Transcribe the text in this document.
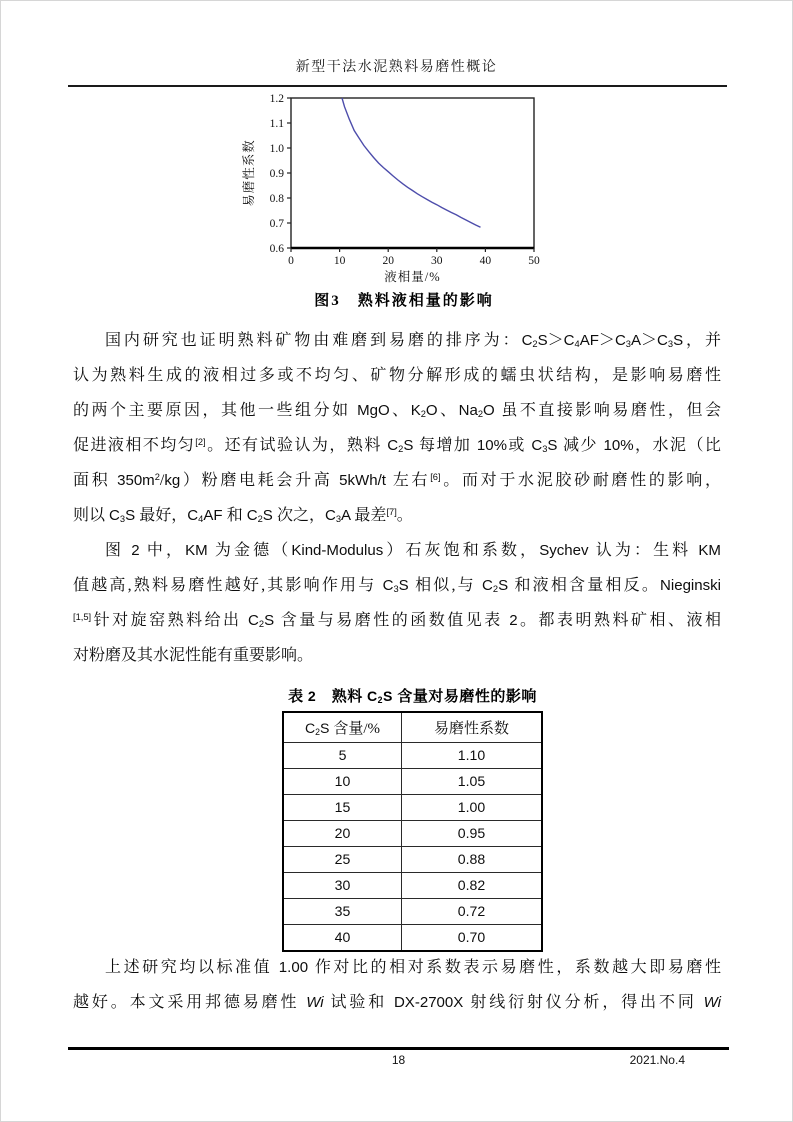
新型干法水泥熟料易磨性概论
0	10	20	30	40	50
0.6
0.7
0.8
0.9
1.0
1.1
1.2
液相量/%
易磨性系数
图3　熟料液相量的影响
国内研究也证明熟料矿物由难磨到易磨的排序为：$C_2S>C_4AF>C_3A>C_3S$，并
认为熟料生成的液相过多或不均匀、矿物分解形成的蠕虫状结构，是影响易磨性
的两个主要原因，其他一些组分如 MgO、$K_2O$、$Na_2O$ 虽不直接影响易磨性，但会
促进液相不均匀[2]。还有试验认为，熟料 $C_2S$ 每增加 10%或 $C_3S$ 减少 10%，水泥（比
面积 $350m^2/kg$）粉磨电耗会升高 5kWh/t 左右[6]。而对于水泥胶砂耐磨性的影响，
则以 $C_3S$ 最好，$C_4AF$ 和 $C_2S$ 次之，$C_3A$ 最差[7]。
图 2 中，KM 为金德（Kind-Modulus）石灰饱和系数，Sychev 认为：生料 KM
值越高,熟料易磨性越好,其影响作用与 $C_3S$ 相似,与 $C_2S$ 和液相含量相反。Nieginski
[1,5]针对旋窑熟料给出 $C_2S$ 含量与易磨性的函数值见表 2。都表明熟料矿相、液相
对粉磨及其水泥性能有重要影响。
表 2　熟料 $C_2S$ 含量对易磨性的影响
$C_2S$ 含量/%	易磨性系数
5	1.10
10	1.05
15	1.00
20	0.95
25	0.88
30	0.82
35	0.72
40	0.70
上述研究均以标准值 1.00 作对比的相对系数表示易磨性，系数越大即易磨性
越好。本文采用邦德易磨性 Wi 试验和 DX-2700X 射线衍射仪分析，得出不同 Wi
18	2021.No.4
